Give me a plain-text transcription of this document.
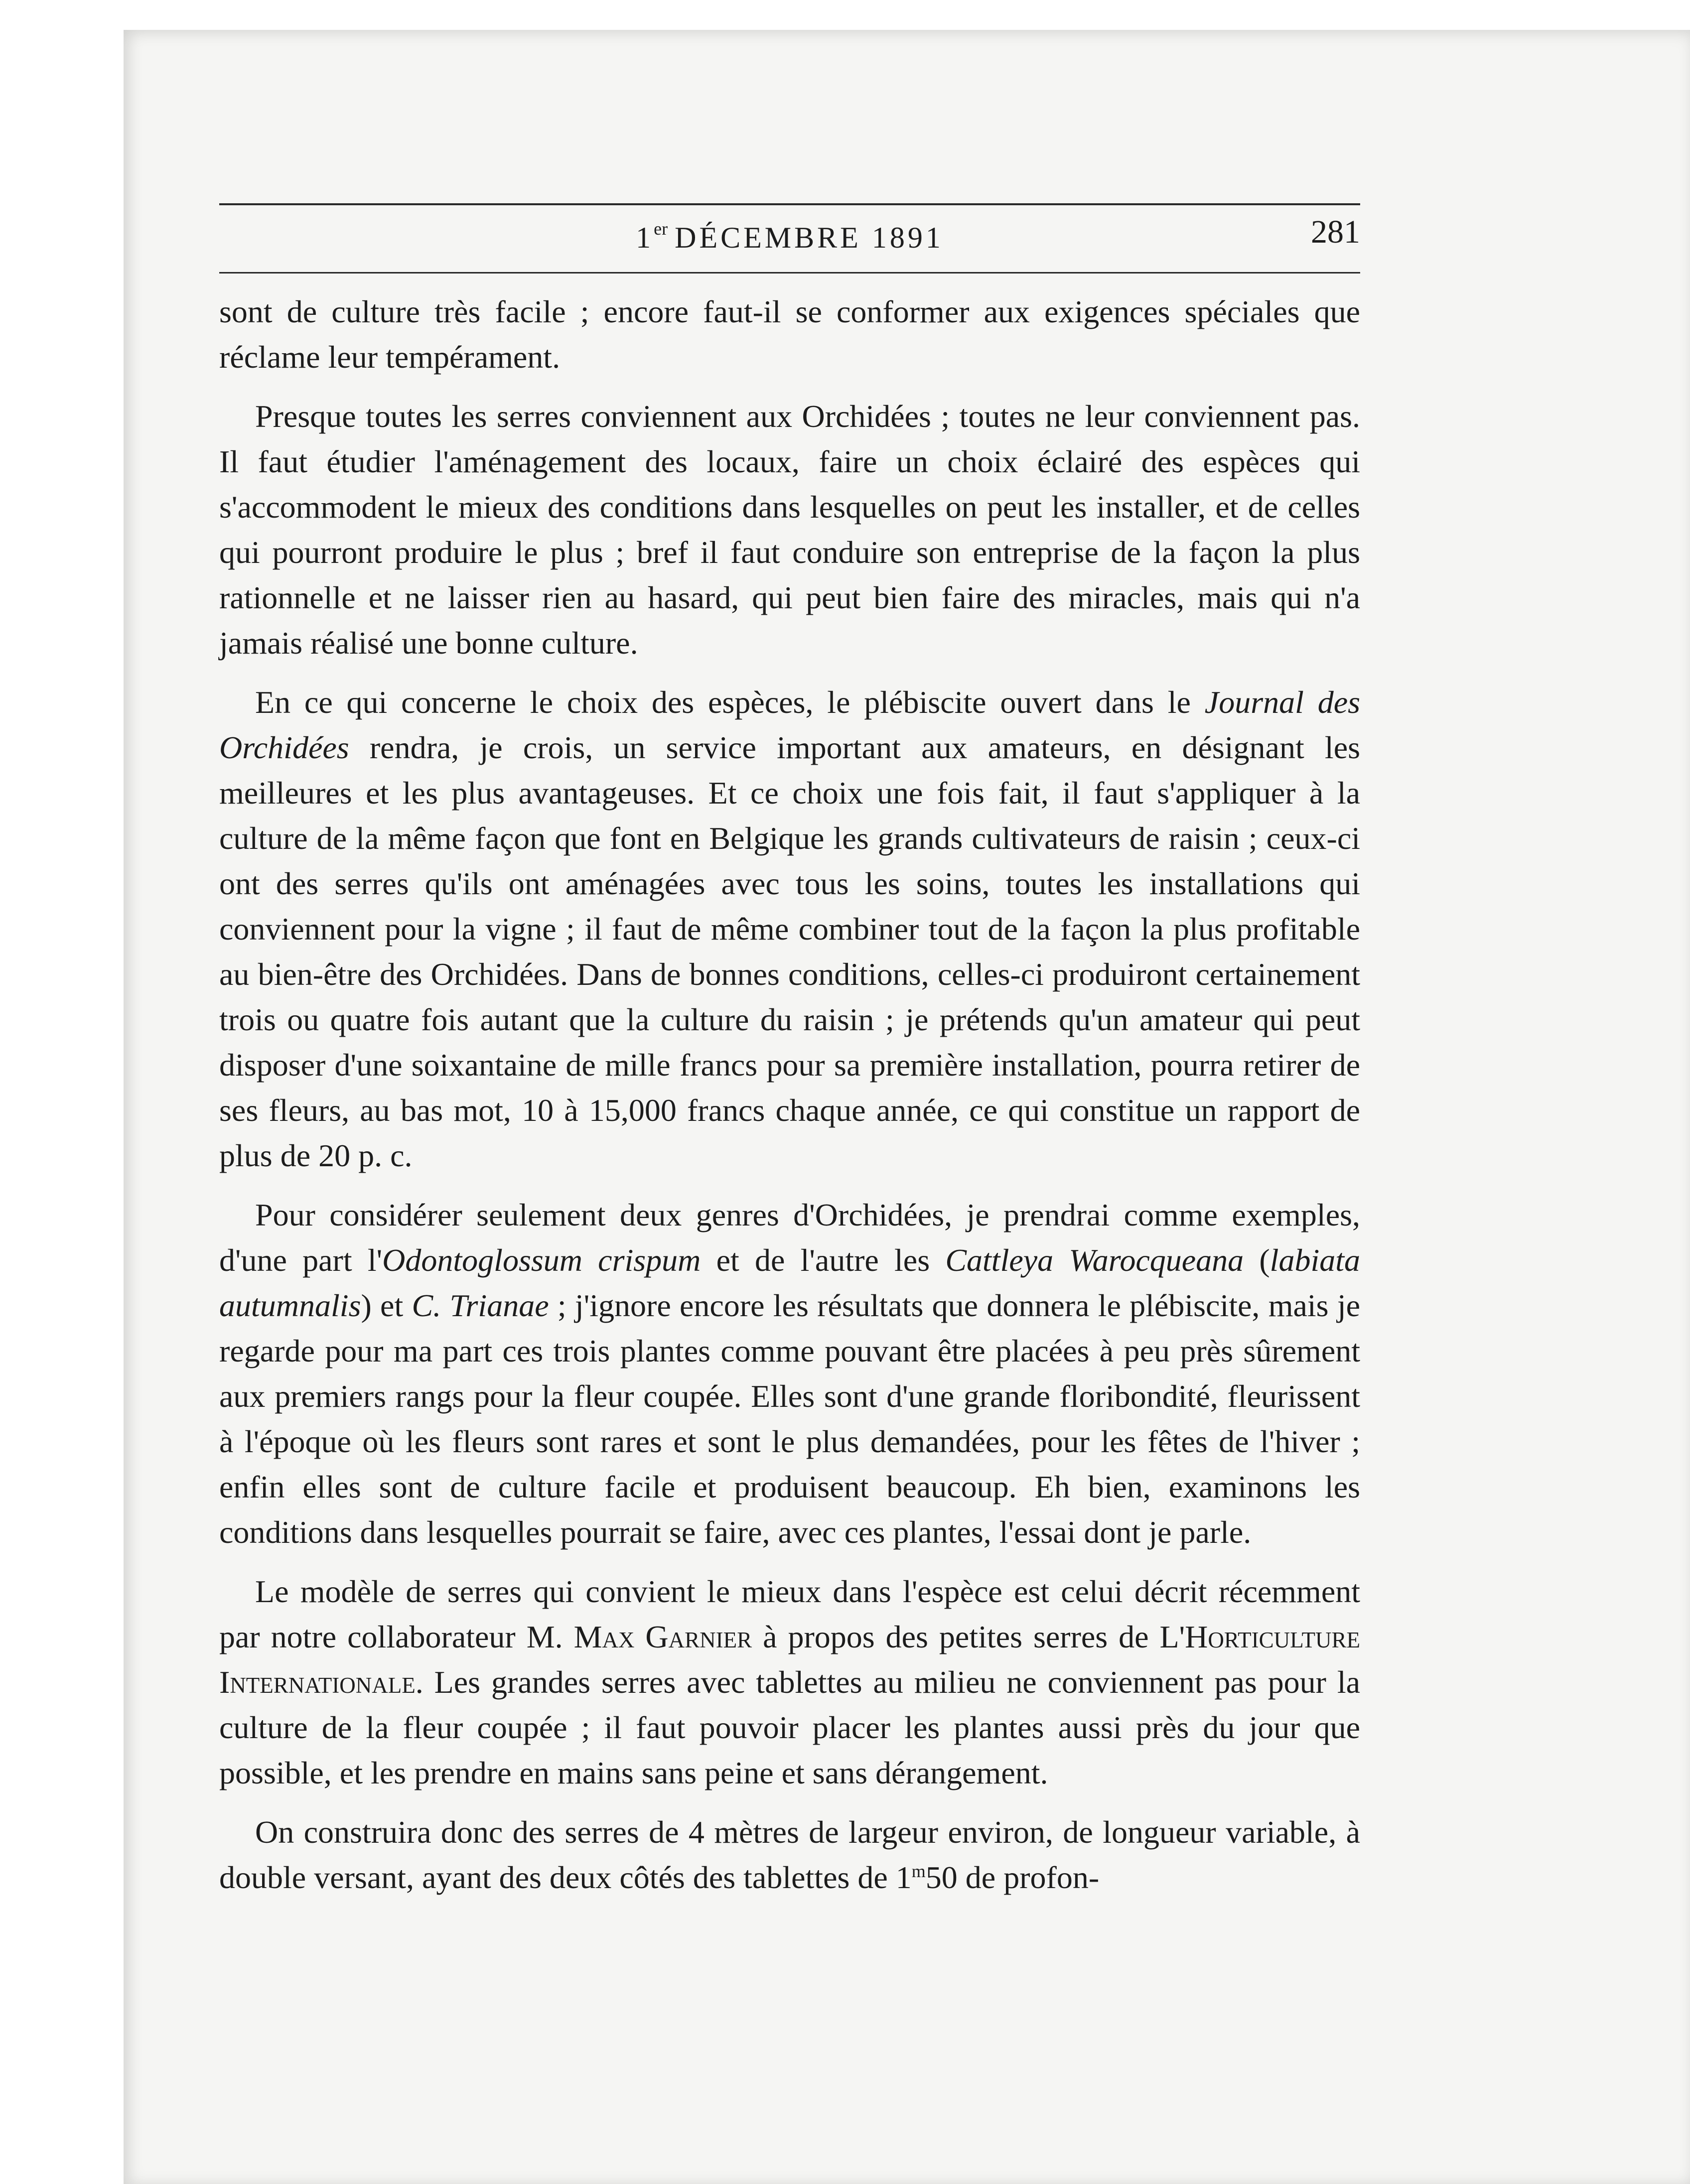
1er DÉCEMBRE 1891	281

sont de culture très facile ; encore faut-il se conformer aux exigences spéciales que réclame leur tempérament.

Presque toutes les serres conviennent aux Orchidées ; toutes ne leur conviennent pas. Il faut étudier l'aménagement des locaux, faire un choix éclairé des espèces qui s'accommodent le mieux des conditions dans lesquelles on peut les installer, et de celles qui pourront produire le plus ; bref il faut conduire son entreprise de la façon la plus rationnelle et ne laisser rien au hasard, qui peut bien faire des miracles, mais qui n'a jamais réalisé une bonne culture.

En ce qui concerne le choix des espèces, le plébiscite ouvert dans le Journal des Orchidées rendra, je crois, un service important aux amateurs, en désignant les meilleures et les plus avantageuses. Et ce choix une fois fait, il faut s'appliquer à la culture de la même façon que font en Belgique les grands cultivateurs de raisin ; ceux-ci ont des serres qu'ils ont aménagées avec tous les soins, toutes les installations qui conviennent pour la vigne ; il faut de même combiner tout de la façon la plus profitable au bien-être des Orchidées. Dans de bonnes conditions, celles-ci produiront certainement trois ou quatre fois autant que la culture du raisin ; je prétends qu'un amateur qui peut disposer d'une soixantaine de mille francs pour sa première installation, pourra retirer de ses fleurs, au bas mot, 10 à 15,000 francs chaque année, ce qui constitue un rapport de plus de 20 p. c.

Pour considérer seulement deux genres d'Orchidées, je prendrai comme exemples, d'une part l'Odontoglossum crispum et de l'autre les Cattleya Warocqueana (labiata autumnalis) et C. Trianae ; j'ignore encore les résultats que donnera le plébiscite, mais je regarde pour ma part ces trois plantes comme pouvant être placées à peu près sûrement aux premiers rangs pour la fleur coupée. Elles sont d'une grande floribondité, fleurissent à l'époque où les fleurs sont rares et sont le plus demandées, pour les fêtes de l'hiver ; enfin elles sont de culture facile et produisent beaucoup. Eh bien, examinons les conditions dans lesquelles pourrait se faire, avec ces plantes, l'essai dont je parle.

Le modèle de serres qui convient le mieux dans l'espèce est celui décrit récemment par notre collaborateur M. Max Garnier à propos des petites serres de L'Horticulture Internationale. Les grandes serres avec tablettes au milieu ne conviennent pas pour la culture de la fleur coupée ; il faut pouvoir placer les plantes aussi près du jour que possible, et les prendre en mains sans peine et sans dérangement.

On construira donc des serres de 4 mètres de largeur environ, de longueur variable, à double versant, ayant des deux côtés des tablettes de 1$^m$50 de profon-
